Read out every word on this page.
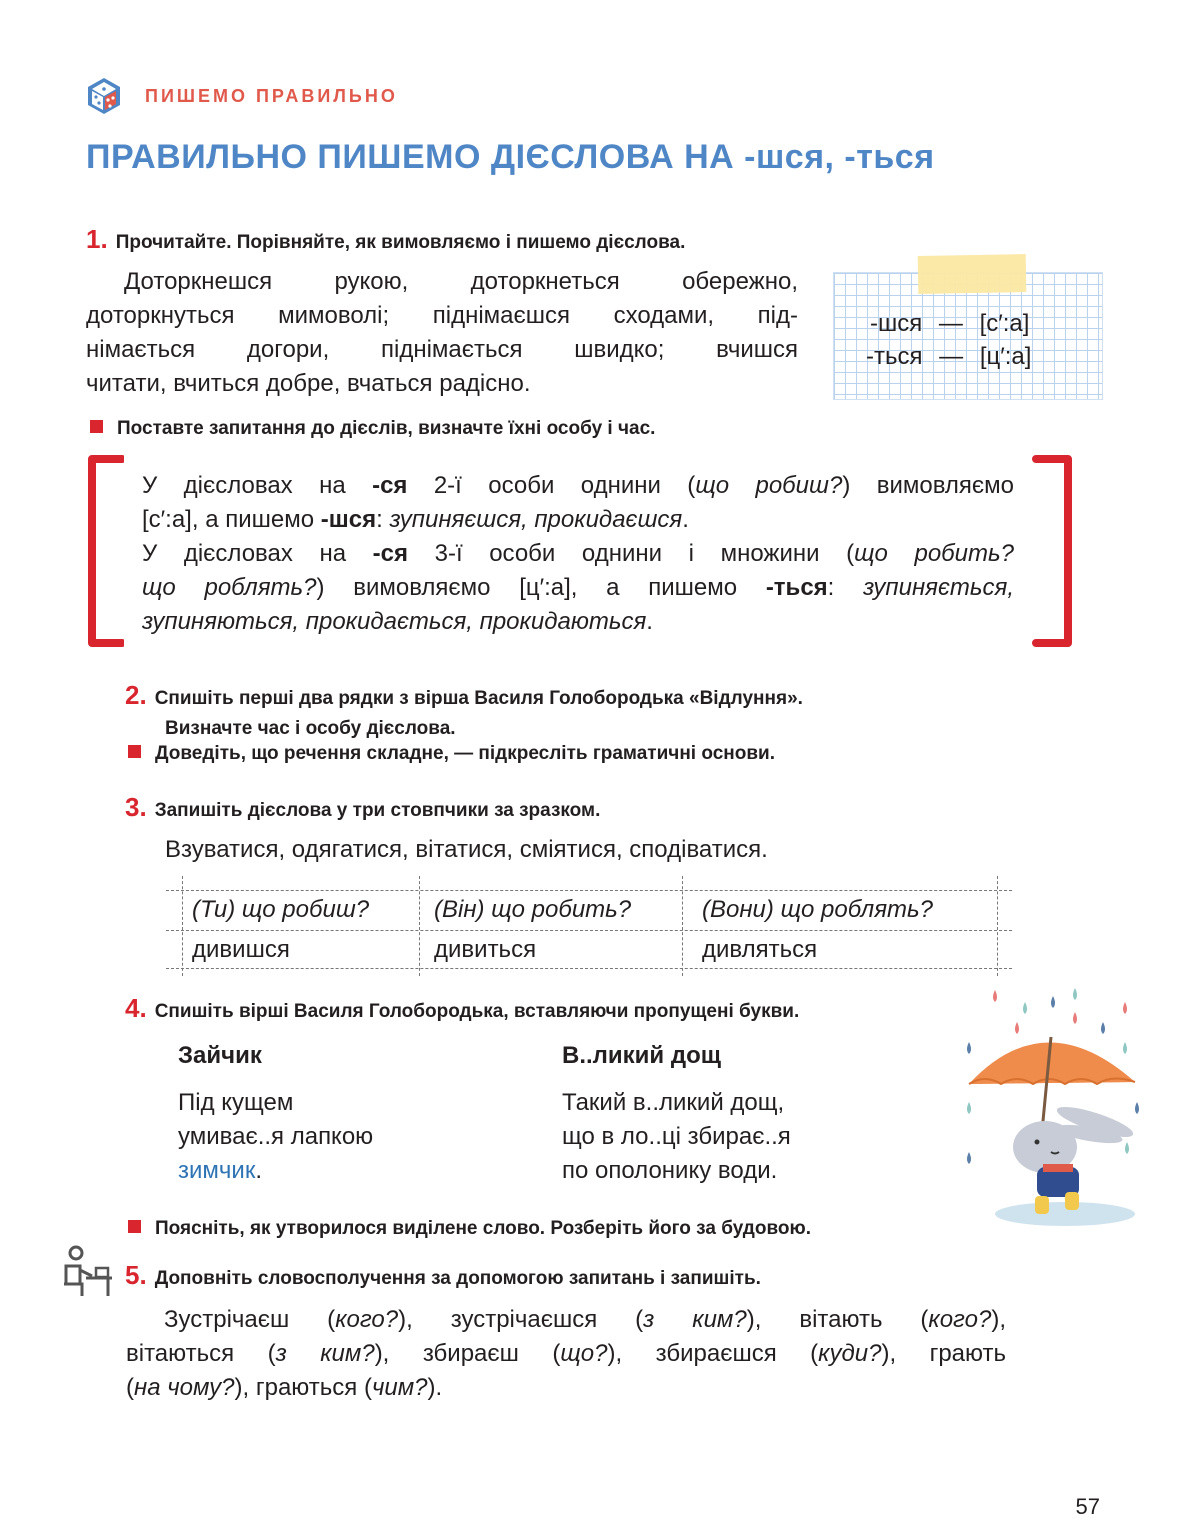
ПИШЕМО ПРАВИЛЬНО
ПРАВИЛЬНО ПИШЕМО ДІЄСЛОВА НА -шся, -ться
1. Прочитайте. Порівняйте, як вимовляємо і пишемо дієслова.
Доторкнешся рукою, доторкнеться обережно,
доторкнуться мимоволі; піднімаєшся сходами, під-
німається догори, піднімається швидко; вчишся
читати, вчиться добре, вчаться радісно.
-шся — [с′:а]
-ться — [ц′:а]
Поставте запитання до дієслів, визначте їхні особу і час.
У дієсловах на -ся 2-ї особи однини (що робиш?) вимовляємо
[с′:а], а пишемо -шся: зупиняєшся, прокидаєшся.
У дієсловах на -ся 3-ї особи однини і множини (що робить?
що роблять?) вимовляємо [ц′:а], а пишемо -ться: зупиняється,
зупиняються, прокидається, прокидаються.
2. Спишіть перші два рядки з вірша Василя Голобородька «Відлуння».
Визначте час і особу дієслова.
Доведіть, що речення складне, — підкресліть граматичні основи.
3. Запишіть дієслова у три стовпчики за зразком.
Взуватися, одягатися, вітатися, сміятися, сподіватися.
(Ти) що робиш?	(Він) що робить?	(Вони) що роблять?
дивишся	дивиться	дивляться
4. Спишіть вірші Василя Голобородька, вставляючи пропущені букви.
Зайчик
Під кущем
умиває..я лапкою
зимчик.
В..ликий дощ
Такий в..ликий дощ,
що в ло..ці збирає..я
по ополонику води.
Поясніть, як утворилося виділене слово. Розберіть його за будовою.
5. Доповніть словосполучення за допомогою запитань і запишіть.
Зустрічаєш (кого?), зустрічаєшся (з ким?), вітають (кого?),
вітаються (з ким?), збираєш (що?), збираєшся (куди?), грають
(на чому?), граються (чим?).
57
